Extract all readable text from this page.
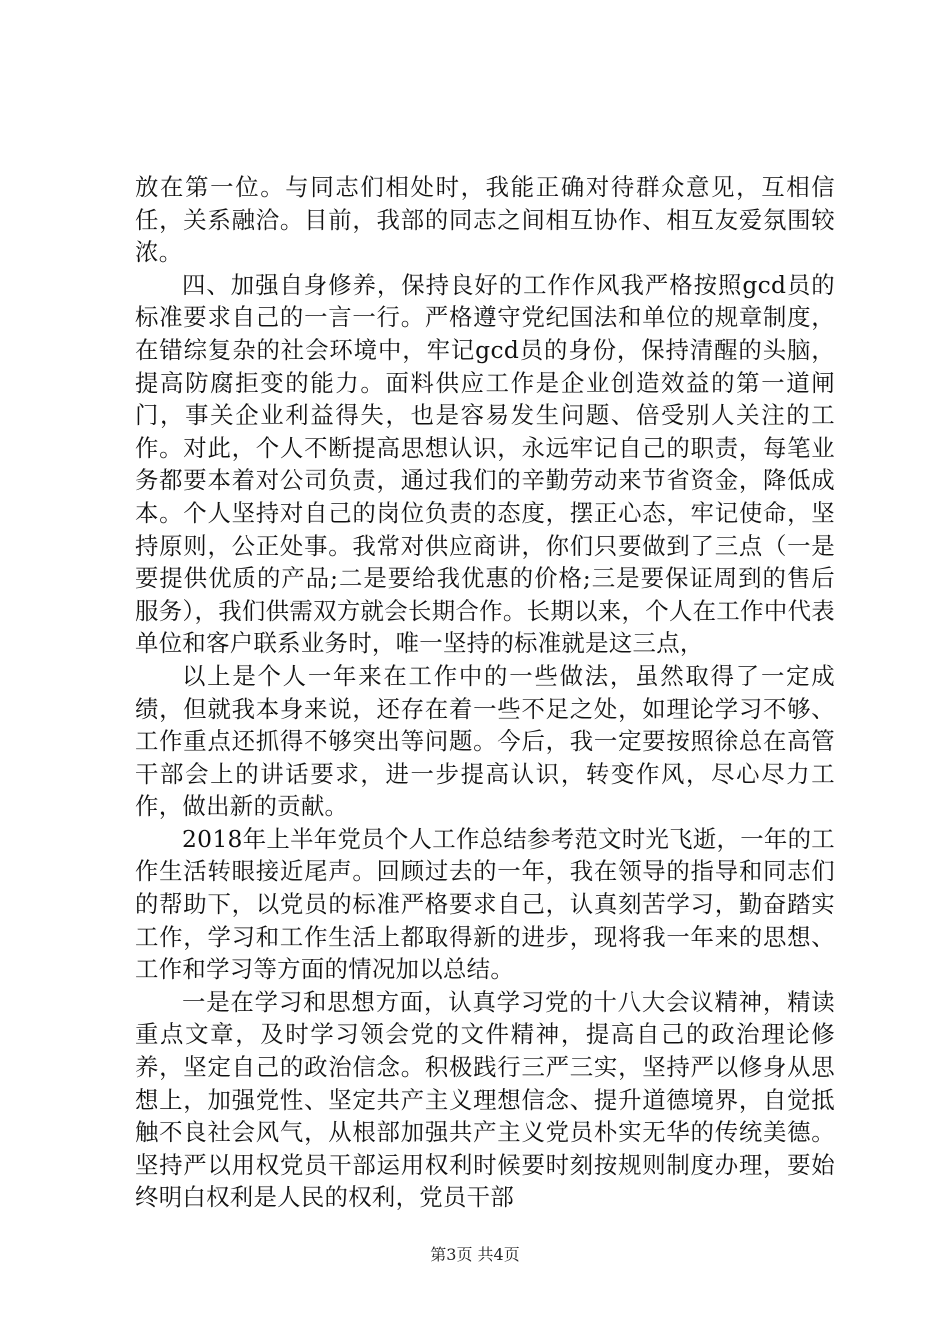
放在第一位。与同志们相处时，我能正确对待群众意见，互相信任，关系融洽。目前，我部的同志之间相互协作、相互友爱氛围较浓。

四、加强自身修养，保持良好的工作作风我严格按照gcd员的标准要求自己的一言一行。严格遵守党纪国法和单位的规章制度，在错综复杂的社会环境中，牢记gcd员的身份，保持清醒的头脑，提高防腐拒变的能力。面料供应工作是企业创造效益的第一道闸门，事关企业利益得失，也是容易发生问题、倍受别人关注的工作。对此，个人不断提高思想认识，永远牢记自己的职责，每笔业务都要本着对公司负责，通过我们的辛勤劳动来节省资金，降低成本。个人坚持对自己的岗位负责的态度，摆正心态，牢记使命，坚持原则，公正处事。我常对供应商讲，你们只要做到了三点（一是要提供优质的产品;二是要给我优惠的价格;三是要保证周到的售后服务），我们供需双方就会长期合作。长期以来，个人在工作中代表单位和客户联系业务时，唯一坚持的标准就是这三点，

以上是个人一年来在工作中的一些做法，虽然取得了一定成绩，但就我本身来说，还存在着一些不足之处，如理论学习不够、工作重点还抓得不够突出等问题。今后，我一定要按照徐总在高管干部会上的讲话要求，进一步提高认识，转变作风，尽心尽力工作，做出新的贡献。

2018年上半年党员个人工作总结参考范文时光飞逝，一年的工作生活转眼接近尾声。回顾过去的一年，我在领导的指导和同志们的帮助下，以党员的标准严格要求自己，认真刻苦学习，勤奋踏实工作，学习和工作生活上都取得新的进步，现将我一年来的思想、工作和学习等方面的情况加以总结。

一是在学习和思想方面，认真学习党的十八大会议精神，精读重点文章，及时学习领会党的文件精神，提高自己的政治理论修养，坚定自己的政治信念。积极践行三严三实，坚持严以修身从思想上，加强党性、坚定共产主义理想信念、提升道德境界，自觉抵触不良社会风气，从根部加强共产主义党员朴实无华的传统美德。坚持严以用权党员干部运用权利时候要时刻按规则制度办理，要始终明白权利是人民的权利，党员干部

第3页 共4页
